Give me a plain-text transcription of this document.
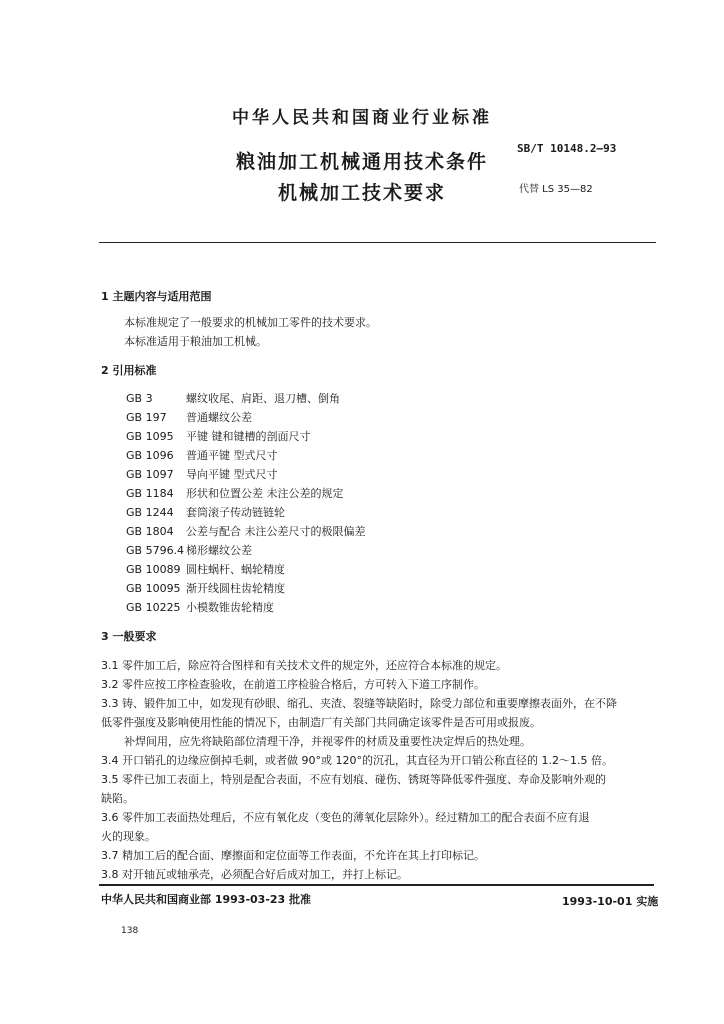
中华人民共和国商业行业标准
SB/T 10148.2—93
粮油加工机械通用技术条件
机械加工技术要求	代替 LS 35—82
1 主题内容与适用范围
本标准规定了一般要求的机械加工零件的技术要求。
本标准适用于粮油加工机械。
2 引用标准
GB 3	螺纹收尾、肩距、退刀槽、倒角
GB 197 普通螺纹公差
GB 1095 平键 键和键槽的剖面尺寸
GB 1096 普通平键 型式尺寸
GB 1097 导向平键 型式尺寸
GB 1184 形状和位置公差 未注公差的规定
GB 1244 套筒滚子传动链链轮
GB 1804 公差与配合 未注公差尺寸的极限偏差
GB 5796.4 梯形螺纹公差
GB 10089 圆柱蜗杆、蜗轮精度
GB 10095 渐开线圆柱齿轮精度
GB 10225 小模数锥齿轮精度
3 一般要求
3.1 零件加工后，除应符合图样和有关技术文件的规定外，还应符合本标准的规定。
3.2 零件应按工序检查验收，在前道工序检验合格后，方可转入下道工序制作。
3.3 铸、锻件加工中，如发现有砂眼、缩孔、夹渣、裂缝等缺陷时，除受力部位和重要摩擦表面外，在不降
低零件强度及影响使用性能的情况下，由制造厂有关部门共同确定该零件是否可用或报废。
补焊间用，应先将缺陷部位清理干净，并视零件的材质及重要性决定焊后的热处理。
3.4 开口销孔的边缘应倒掉毛刺，或者做 90°或 120°的沉孔，其直径为开口销公称直径的 1.2～1.5 倍。
3.5 零件已加工表面上，特别是配合表面，不应有划痕、碰伤、锈斑等降低零件强度、寿命及影响外观的
缺陷。
3.6 零件加工表面热处理后，不应有氧化皮（变色的薄氧化层除外）。经过精加工的配合表面不应有退
火的现象。
3.7 精加工后的配合面、摩擦面和定位面等工作表面，不允许在其上打印标记。
3.8 对开轴瓦或轴承壳，必须配合好后成对加工，并打上标记。
中华人民共和国商业部 1993-03-23 批准	1993-10-01 实施
138
